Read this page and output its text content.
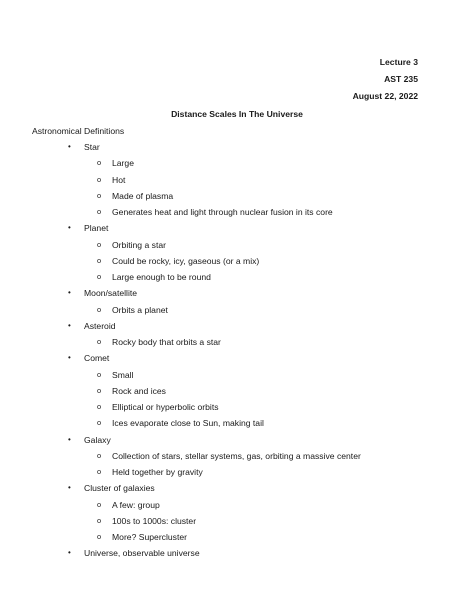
Lecture 3
AST 235
August 22, 2022
Distance Scales In The Universe
Astronomical Definitions
• Star
o Large
o Hot
o Made of plasma
o Generates heat and light through nuclear fusion in its core
• Planet
o Orbiting a star
o Could be rocky, icy, gaseous (or a mix)
o Large enough to be round
• Moon/satellite
o Orbits a planet
• Asteroid
o Rocky body that orbits a star
• Comet
o Small
o Rock and ices
o Elliptical or hyperbolic orbits
o Ices evaporate close to Sun, making tail
• Galaxy
o Collection of stars, stellar systems, gas, orbiting a massive center
o Held together by gravity
• Cluster of galaxies
o A few: group
o 100s to 1000s: cluster
o More? Supercluster
• Universe, observable universe
